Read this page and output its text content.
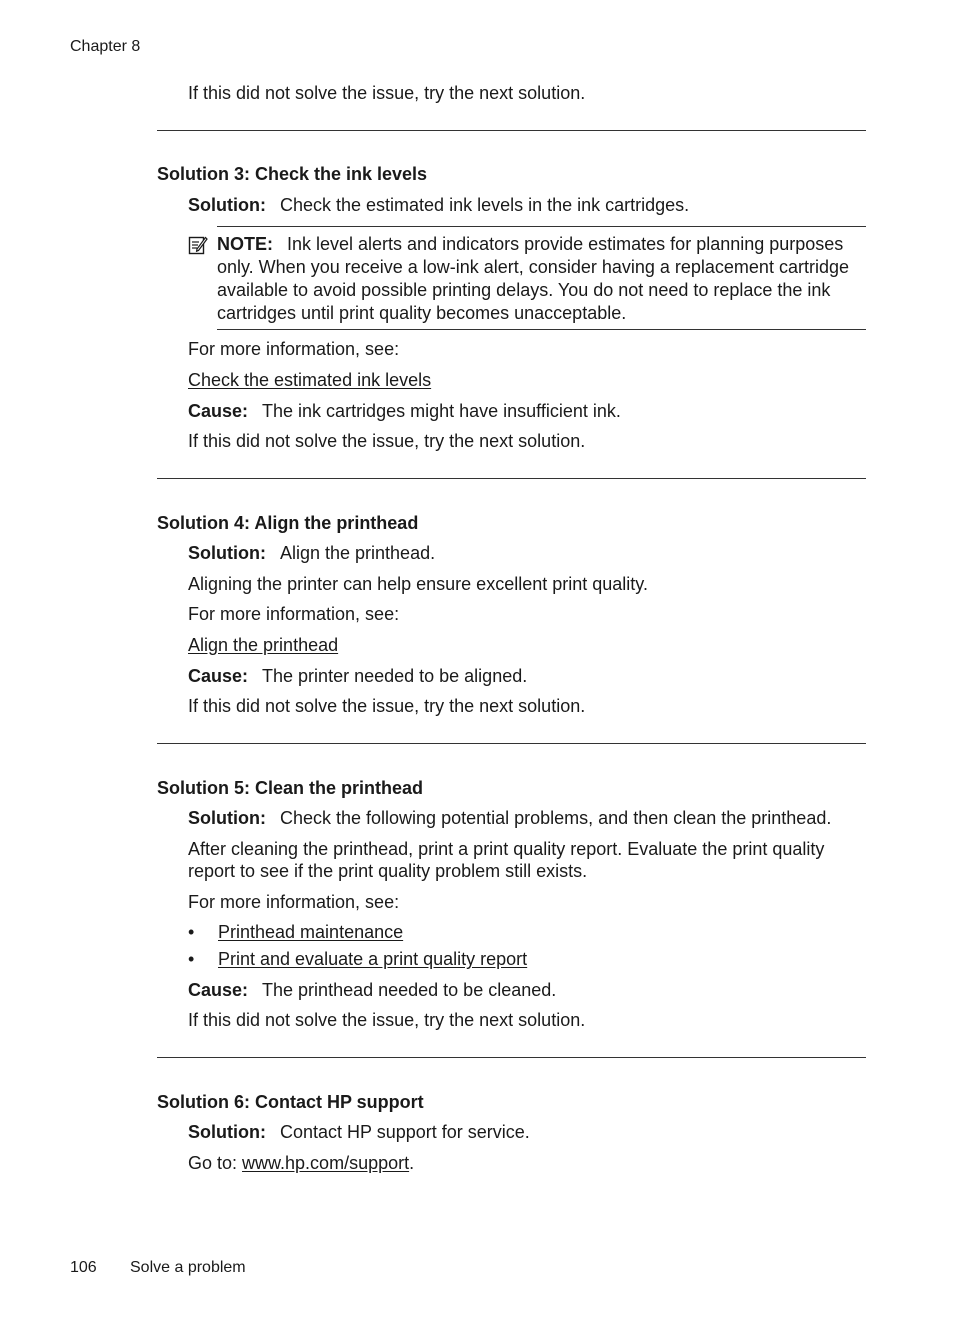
Chapter 8
If this did not solve the issue, try the next solution.
Solution 3: Check the ink levels
Solution: Check the estimated ink levels in the ink cartridges.
NOTE: Ink level alerts and indicators provide estimates for planning purposes only. When you receive a low-ink alert, consider having a replacement cartridge available to avoid possible printing delays. You do not need to replace the ink cartridges until print quality becomes unacceptable.
For more information, see:
Check the estimated ink levels
Cause: The ink cartridges might have insufficient ink.
If this did not solve the issue, try the next solution.
Solution 4: Align the printhead
Solution: Align the printhead.
Aligning the printer can help ensure excellent print quality.
For more information, see:
Align the printhead
Cause: The printer needed to be aligned.
If this did not solve the issue, try the next solution.
Solution 5: Clean the printhead
Solution: Check the following potential problems, and then clean the printhead.
After cleaning the printhead, print a print quality report. Evaluate the print quality
report to see if the print quality problem still exists.
For more information, see:
• Printhead maintenance
• Print and evaluate a print quality report
Cause: The printhead needed to be cleaned.
If this did not solve the issue, try the next solution.
Solution 6: Contact HP support
Solution: Contact HP support for service.
Go to: www.hp.com/support.
106 Solve a problem
